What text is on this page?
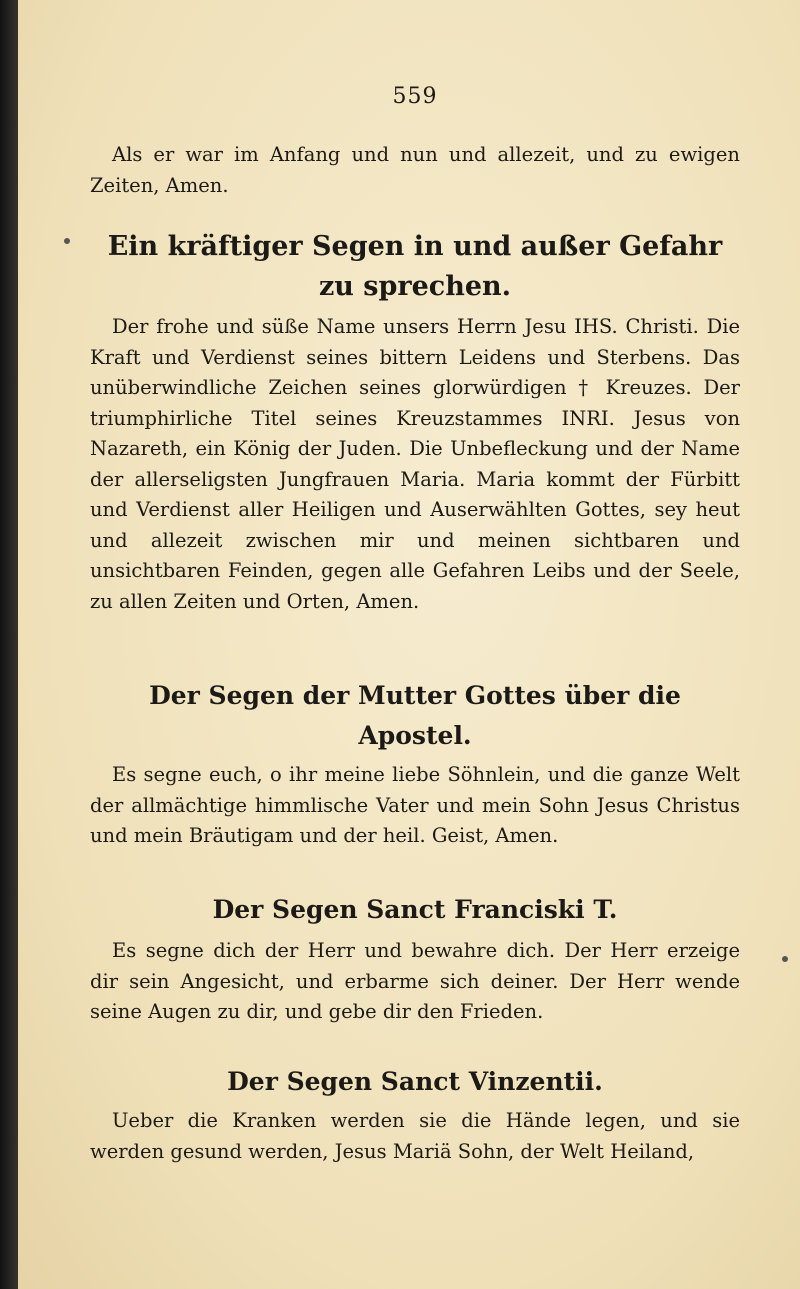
559
Als er war im Anfang und nun und allezeit, und zu ewigen Zeiten, Amen.
Ein kräftiger Segen in und außer Gefahr
zu sprechen.
Der frohe und süße Name unsers Herrn Jesu IHS. Christi. Die Kraft und Verdienst seines bittern Leidens und Sterbens. Das unüberwindliche Zeichen seines glorwürdigen † Kreuzes. Der triumphirliche Titel seines Kreuzstammes INRI. Jesus von Nazareth, ein König der Juden. Die Unbefleckung und der Name der allerseligsten Jungfrauen Maria. Maria kommt der Fürbitt und Verdienst aller Heiligen und Auserwählten Gottes, sey heut und allezeit zwischen mir und meinen sichtbaren und unsichtbaren Feinden, gegen alle Gefahren Leibs und der Seele, zu allen Zeiten und Orten, Amen.
Der Segen der Mutter Gottes über die
Apostel.
Es segne euch, o ihr meine liebe Söhnlein, und die ganze Welt der allmächtige himmlische Vater und mein Sohn Jesus Christus und mein Bräutigam und der heil. Geist, Amen.
Der Segen Sanct Franciski T.
Es segne dich der Herr und bewahre dich. Der Herr erzeige dir sein Angesicht, und erbarme sich deiner. Der Herr wende seine Augen zu dir, und gebe dir den Frieden.
Der Segen Sanct Vinzentii.
Ueber die Kranken werden sie die Hände legen, und sie werden gesund werden, Jesus Mariä Sohn, der Welt Heiland,
